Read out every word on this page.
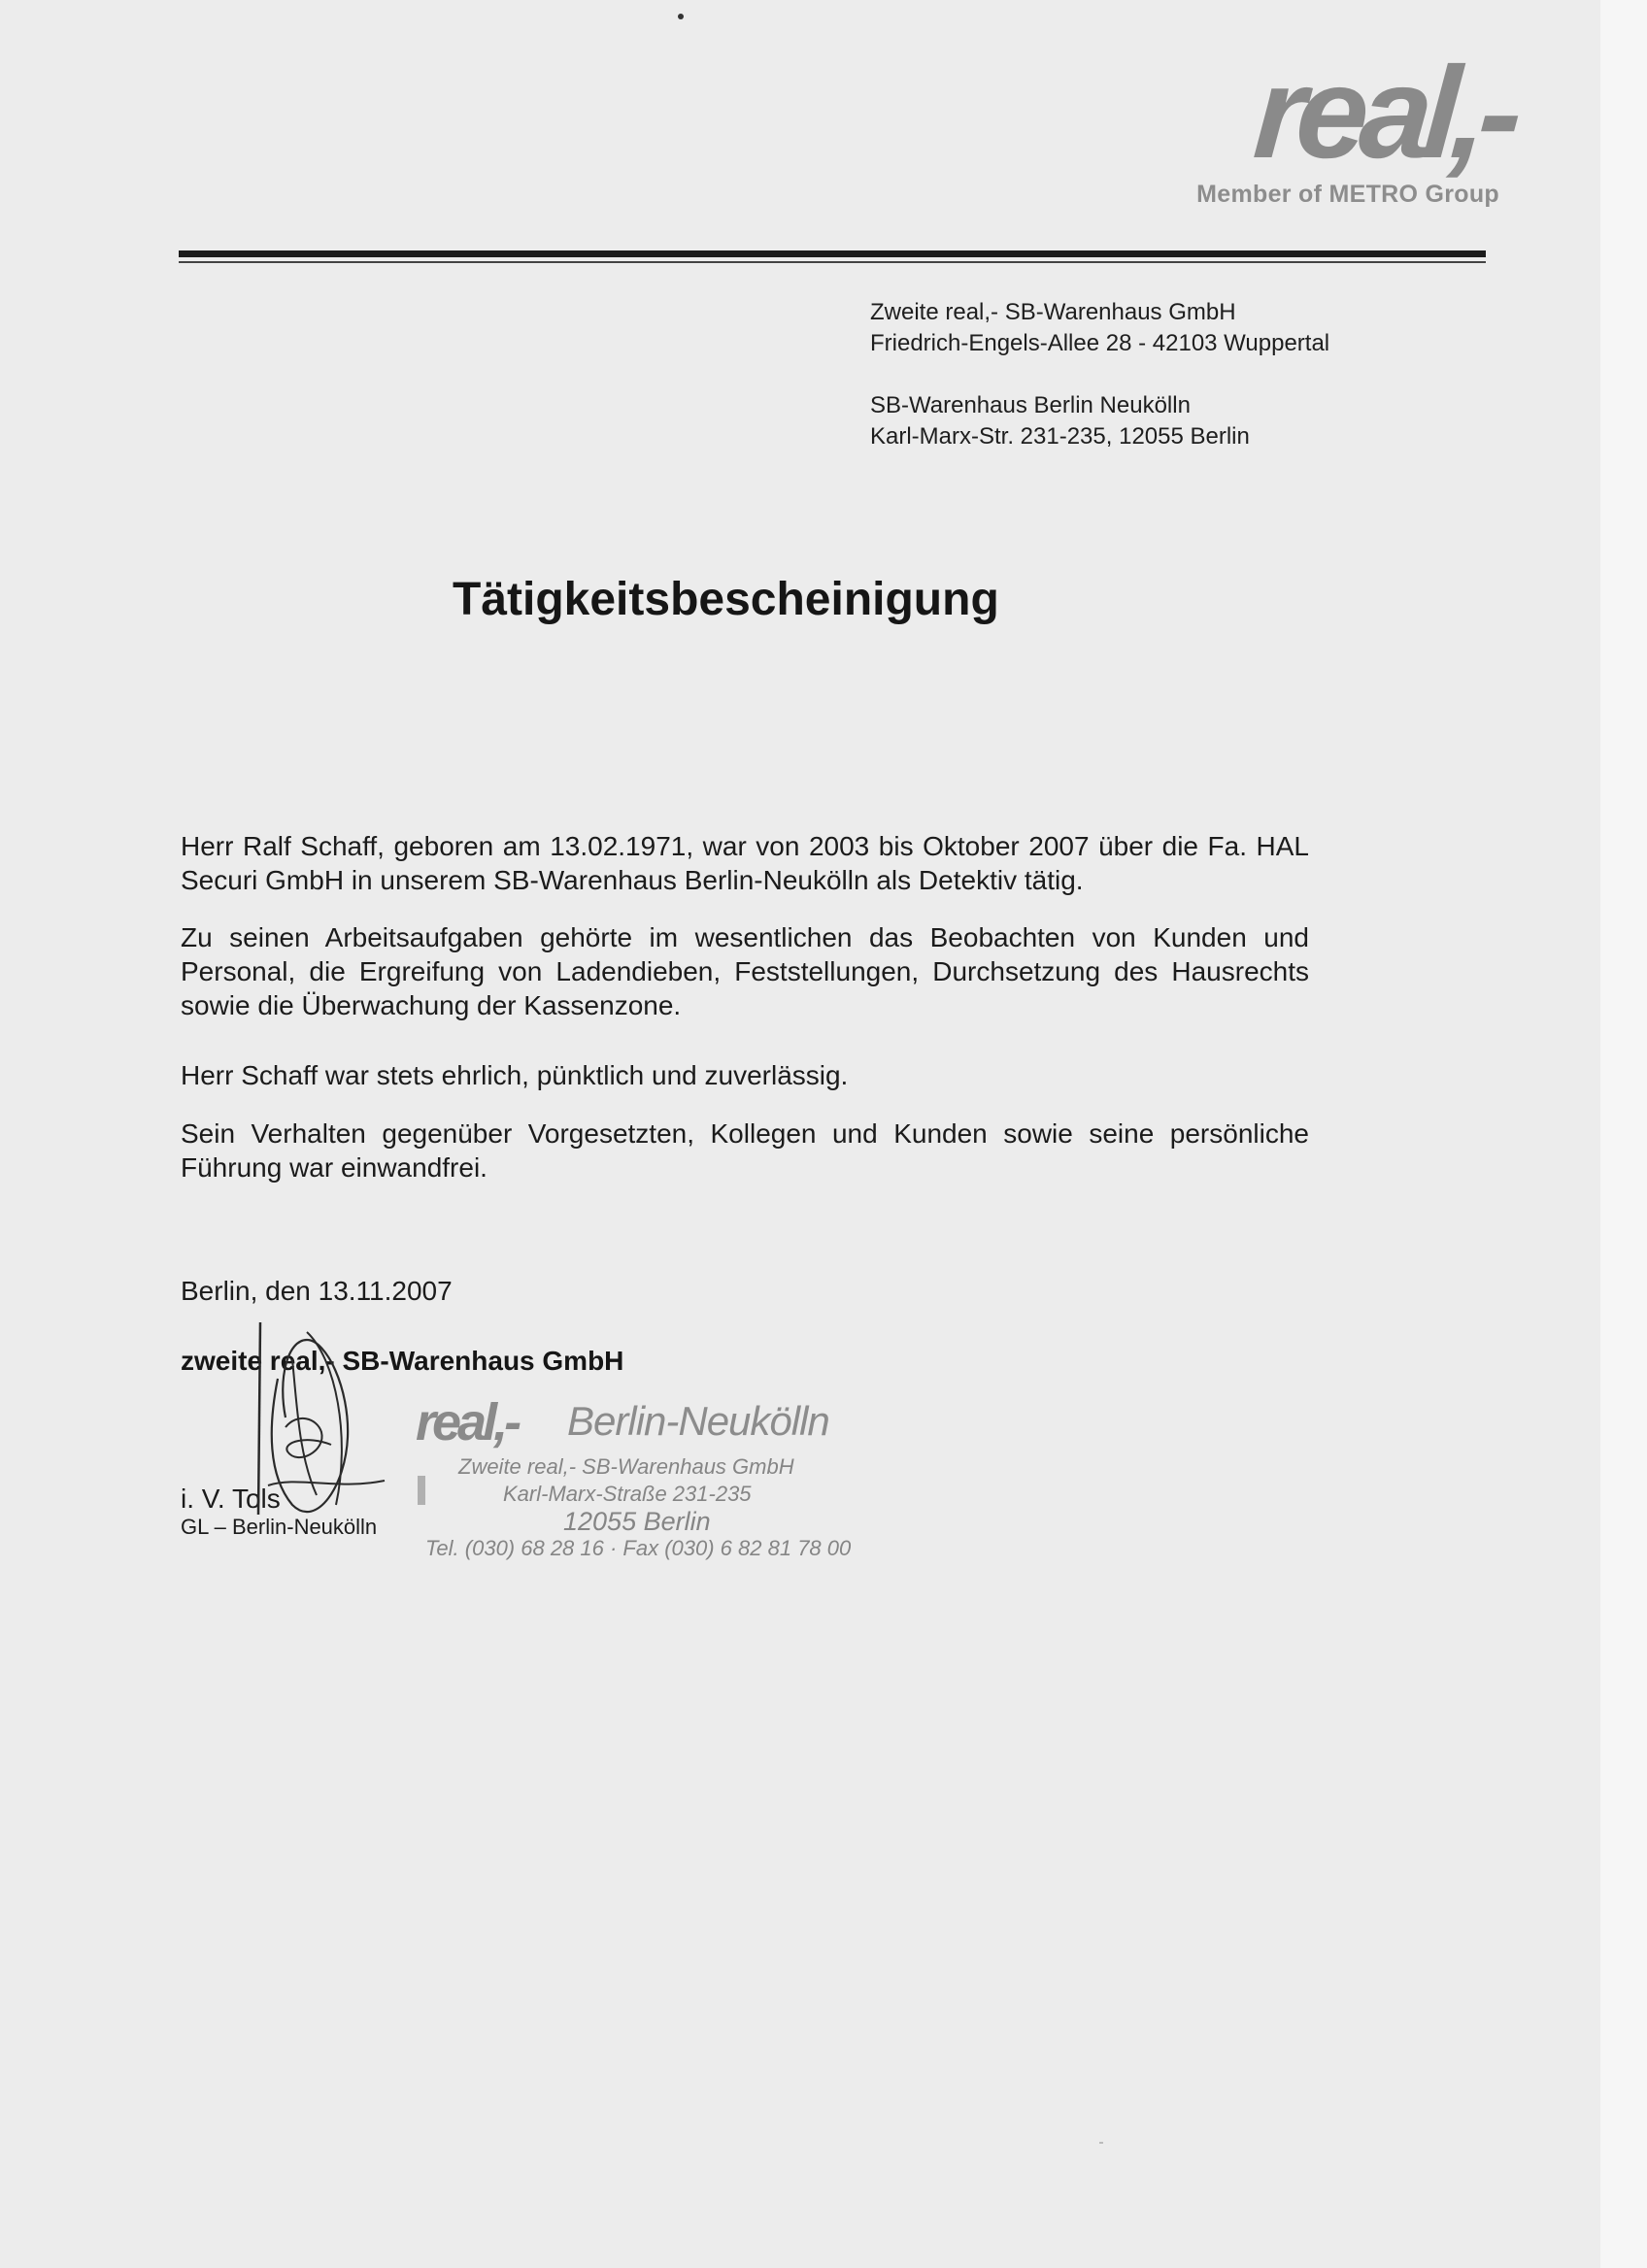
real,-
Member of METRO Group
Zweite real,- SB-Warenhaus GmbH
Friedrich-Engels-Allee 28 - 42103 Wuppertal
SB-Warenhaus Berlin Neukölln
Karl-Marx-Str. 231-235, 12055 Berlin
Tätigkeitsbescheinigung
Herr Ralf Schaff, geboren am 13.02.1971, war von 2003 bis Oktober 2007 über die Fa. HAL Securi GmbH in unserem SB-Warenhaus Berlin-Neukölln als Detektiv tätig.
Zu seinen Arbeitsaufgaben gehörte im wesentlichen das Beobachten von Kunden und Personal, die Ergreifung von Ladendieben, Feststellungen, Durchsetzung des Hausrechts sowie die Überwachung der Kassenzone.
Herr Schaff war stets ehrlich, pünktlich und zuverlässig.
Sein Verhalten gegenüber Vorgesetzten, Kollegen und Kunden sowie seine persönliche Führung war einwandfrei.
Berlin, den 13.11.2007
zweite real,- SB-Warenhaus GmbH
i. V. Tols
GL – Berlin-Neukölln
real,- Berlin-Neukölln
Zweite real,- SB-Warenhaus GmbH
Karl-Marx-Straße 231-235
12055 Berlin
Tel. (030) 68 28 16 · Fax (030) 6 82 81 78 00
